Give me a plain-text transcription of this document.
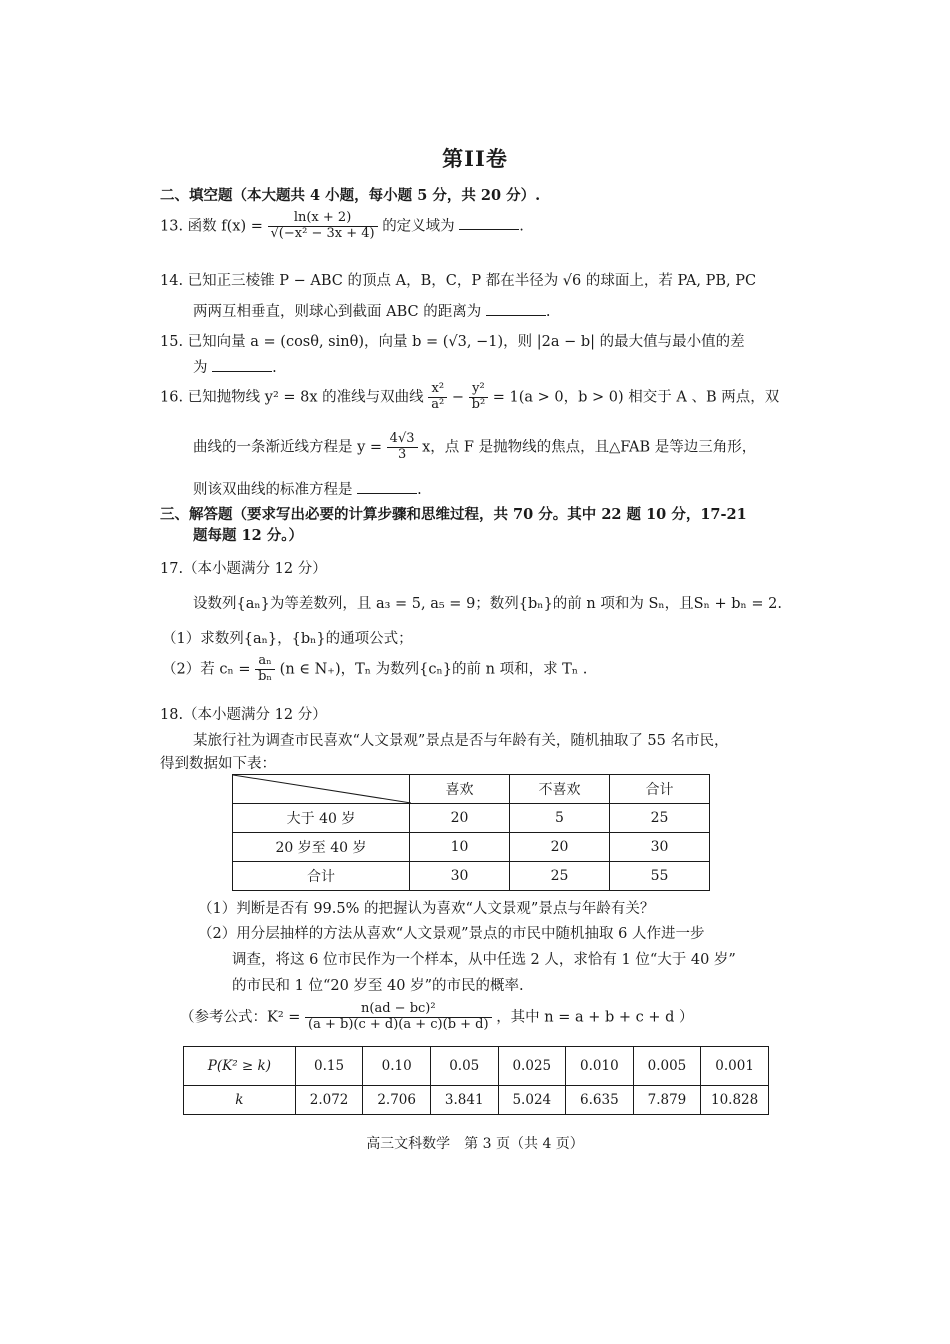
第II卷
二、填空题（本大题共 4 小题，每小题 5 分，共 20 分）.
13. 函数 $f(x) = \frac{\ln(x + 2)}{\text{√(−x² − 3x + 4)}}$ 的定义域为	.
14. 已知正三棱锥 P − ABC 的顶点 A，B，C，P 都在半径为 √6 的球面上，若 PA, PB, PC
两两互相垂直，则球心到截面 ABC 的距离为	.
15. 已知向量 a = (cosθ, sinθ)，向量 b = (√3, −1)，则 |2a − b| 的最大值与最小值的差
为	.
16. 已知抛物线 y² = 8x 的准线与双曲线 $\frac{\text{x²}}{\text{a²}} - \frac{\text{y²}}{\text{b²}} = 1(a > 0$，b > 0) 相交于 A 、B 两点，双
曲线的一条渐近线方程是 $y = \frac{4√3}{3}$ x，点 F 是抛物线的焦点，且△FAB 是等边三角形，
则该双曲线的标准方程是	.
三、解答题（要求写出必要的计算步骤和思维过程，共 70 分。其中 22 题 10 分，17-21
题每题 12 分。）
17.（本小题满分 12 分）
设数列{aₙ}为等差数列，且 a₃ = 5, a₅ = 9；数列{bₙ}的前 n 项和为 Sₙ，且Sₙ + bₙ = 2.
（1）求数列{aₙ}，{bₙ}的通项公式；
（2）若 $c_n = \frac{\text{aₙ}}{\text{bₙ}} (n$ ∈ N₊)，Tₙ 为数列{cₙ}的前 n 项和，求 Tₙ .
18.（本小题满分 12 分）
某旅行社为调查市民喜欢“人文景观”景点是否与年龄有关，随机抽取了 55 名市民，
得到数据如下表：
	喜欢	不喜欢	合计
大于 40 岁	20	5	25
20 岁至 40 岁	10	20	30
合计	30	25	55
（1）判断是否有 99.5% 的把握认为喜欢“人文景观”景点与年龄有关？
（2）用分层抽样的方法从喜欢“人文景观”景点的市民中随机抽取 6 人作进一步
调查，将这 6 位市民作为一个样本，从中任选 2 人，求恰有 1 位“大于 40 岁”
的市民和 1 位“20 岁至 40 岁”的市民的概率.
（参考公式：$K^2 = \frac{\text{n(ad − bc)²}}{(a + b)(c + d)(a + c)(b + d)}$ ，其中 n = a + b + c + d ）
P(K² ≥ k)	0.15	0.10	0.05	0.025	0.010	0.005	0.001
k	2.072	2.706	3.841	5.024	6.635	7.879	10.828
高三文科数学　第 3 页（共 4 页）
